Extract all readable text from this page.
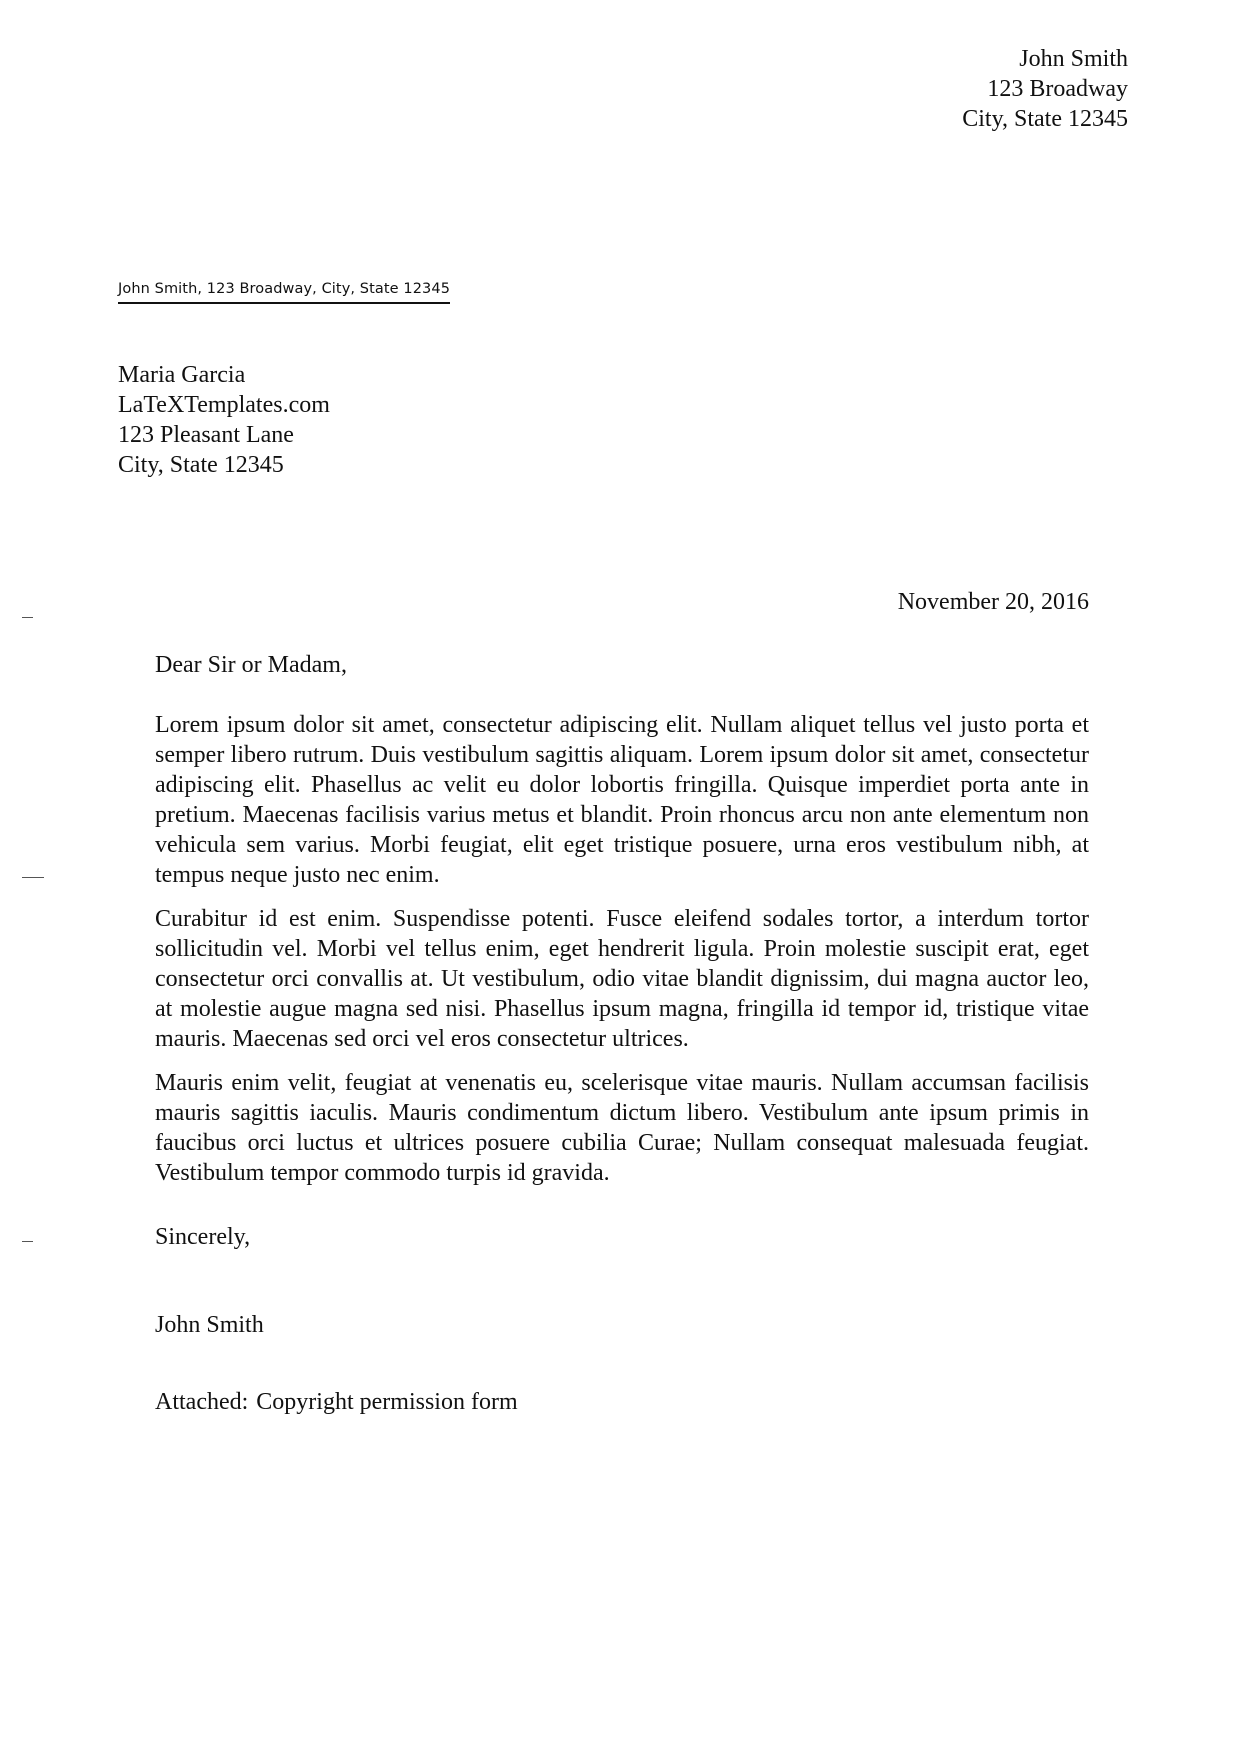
John Smith
123 Broadway
City, State 12345
John Smith, 123 Broadway, City, State 12345
Maria Garcia
LaTeXTemplates.com
123 Pleasant Lane
City, State 12345
November 20, 2016
Dear Sir or Madam,

Lorem ipsum dolor sit amet, consectetur adipiscing elit. Nullam aliquet tellus vel justo porta et semper libero rutrum. Duis vestibulum sagittis aliquam. Lorem ipsum dolor sit amet, consectetur adipiscing elit. Phasellus ac velit eu dolor lobortis fringilla. Quisque imperdiet porta ante in pretium. Maecenas facilisis varius metus et blandit. Proin rhoncus arcu non ante elementum non vehicula sem varius. Morbi feugiat, elit eget tristique posuere, urna eros vestibulum nibh, at tempus neque justo nec enim.

Curabitur id est enim. Suspendisse potenti. Fusce eleifend sodales tortor, a interdum tortor sollicitudin vel. Morbi vel tellus enim, eget hendrerit ligula. Proin molestie suscipit erat, eget consectetur orci convallis at. Ut vestibulum, odio vitae blandit dignissim, dui magna auctor leo, at molestie augue magna sed nisi. Phasellus ipsum magna, fringilla id tempor id, tristique vitae mauris. Maecenas sed orci vel eros consectetur ultrices.

Mauris enim velit, feugiat at venenatis eu, scelerisque vitae mauris. Nullam accumsan facilisis mauris sagittis iaculis. Mauris condimentum dictum libero. Vestibulum ante ipsum primis in faucibus orci luctus et ultrices posuere cubilia Curae; Nullam consequat malesuada feugiat. Vestibulum tempor commodo turpis id gravida.

Sincerely,
John Smith
Attached: Copyright permission form
